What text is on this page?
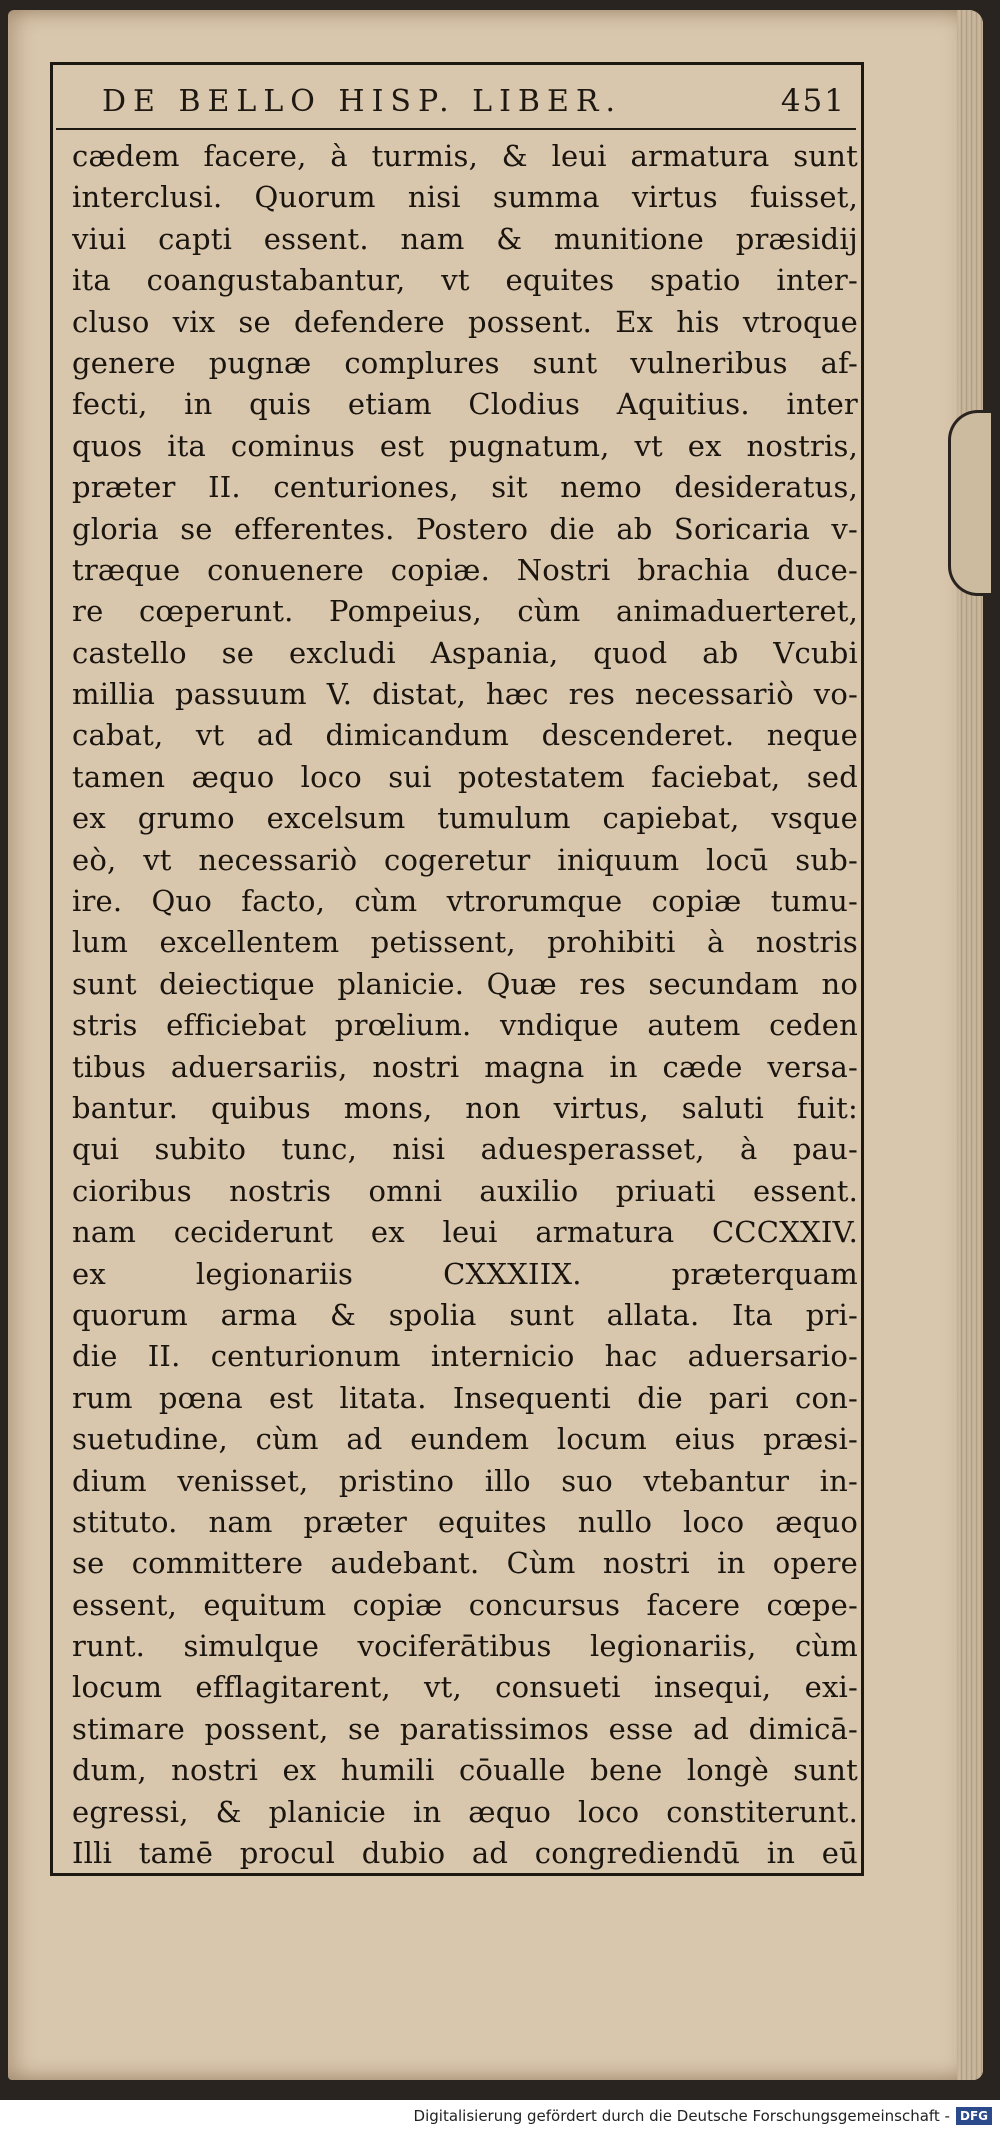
DE BELLO HISP. LIBER.	451
cædem facere, à turmis, & leui armatura sunt
interclusi. Quorum nisi summa virtus fuisset,
viui capti essent. nam & munitione præsidij
ita coangustabantur, vt equites spatio inter-
cluso vix se defendere possent. Ex his vtroque
genere pugnæ complures sunt vulneribus af-
fecti, in quis etiam Clodius Aquitius. inter
quos ita cominus est pugnatum, vt ex nostris,
præter II. centuriones, sit nemo desideratus,
gloria se efferentes. Postero die ab Soricaria v-
træque conuenere copiæ. Nostri brachia duce-
re cœperunt. Pompeius, cùm animaduerteret,
castello se excludi Aspania, quod ab Vcubi
millia passuum V. distat, hæc res necessariò vo-
cabat, vt ad dimicandum descenderet. neque
tamen æquo loco sui potestatem faciebat, sed
ex grumo excelsum tumulum capiebat, vsque
eò, vt necessariò cogeretur iniquum locū sub-
ire. Quo facto, cùm vtrorumque copiæ tumu-
lum excellentem petissent, prohibiti à nostris
sunt deiectique planicie. Quæ res secundam no
stris efficiebat prœlium. vndique autem ceden
tibus aduersariis, nostri magna in cæde versa-
bantur. quibus mons, non virtus, saluti fuit:
qui subito tunc, nisi aduesperasset, à pau-
cioribus nostris omni auxilio priuati essent.
nam ceciderunt ex leui armatura CCCXXIV.
ex legionariis CXXXIIX. præterquam
quorum arma & spolia sunt allata. Ita pri-
die II. centurionum internicio hac aduersario-
rum pœna est litata. Insequenti die pari con-
suetudine, cùm ad eundem locum eius præsi-
dium venisset, pristino illo suo vtebantur in-
stituto. nam præter equites nullo loco æquo
se committere audebant. Cùm nostri in opere
essent, equitum copiæ concursus facere cœpe-
runt. simulque vociferātibus legionariis, cùm
locum efflagitarent, vt, consueti insequi, exi-
stimare possent, se paratissimos esse ad dimicā-
dum, nostri ex humili cōualle bene longè sunt
egressi, & planicie in æquo loco constiterunt.
Illi tamē procul dubio ad congrediendū in eū
Digitalisierung gefördert durch die Deutsche Forschungsgemeinschaft - DFG
